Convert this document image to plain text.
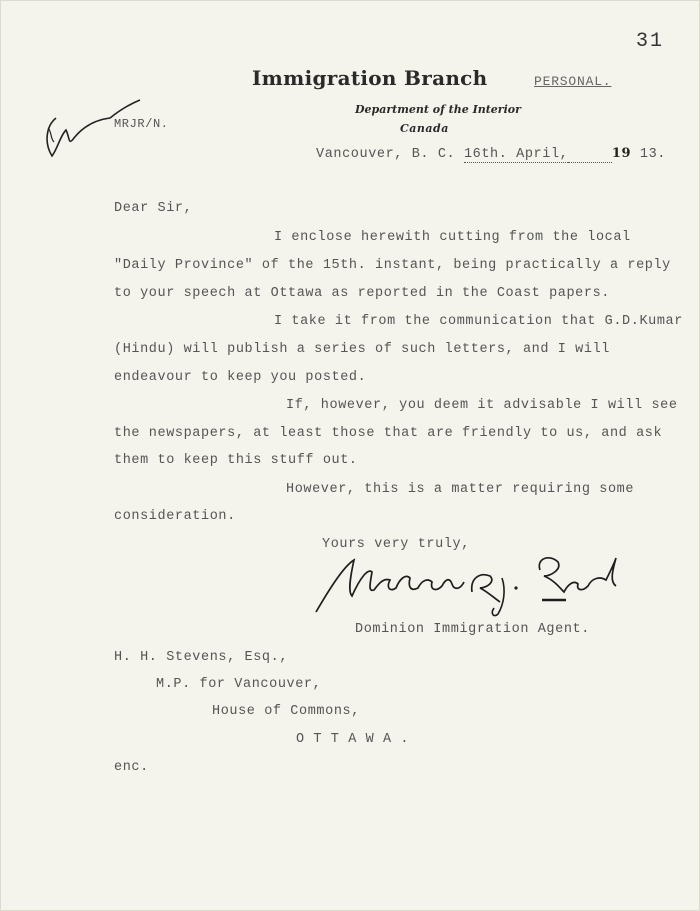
31
Immigration Branch	PERSONAL.
Department of the Interior
Canada
MRJR/N.
Vancouver, B. C. 16th. April,	19 13.
Dear Sir,
I enclose herewith cutting from the local
"Daily Province" of the 15th. instant, being practically a reply
to your speech at Ottawa as reported in the Coast papers.
I take it from the communication that G.D.Kumar
(Hindu) will publish a series of such letters, and I will
endeavour to keep you posted.
If, however, you deem it advisable I will see
the newspapers, at least those that are friendly to us, and ask
them to keep this stuff out.
However, this is a matter requiring some
consideration.
Yours very truly,
Dominion Immigration Agent.
H. H. Stevens, Esq.,
M.P. for Vancouver,
House of Commons,
O T T A W A .
enc.
